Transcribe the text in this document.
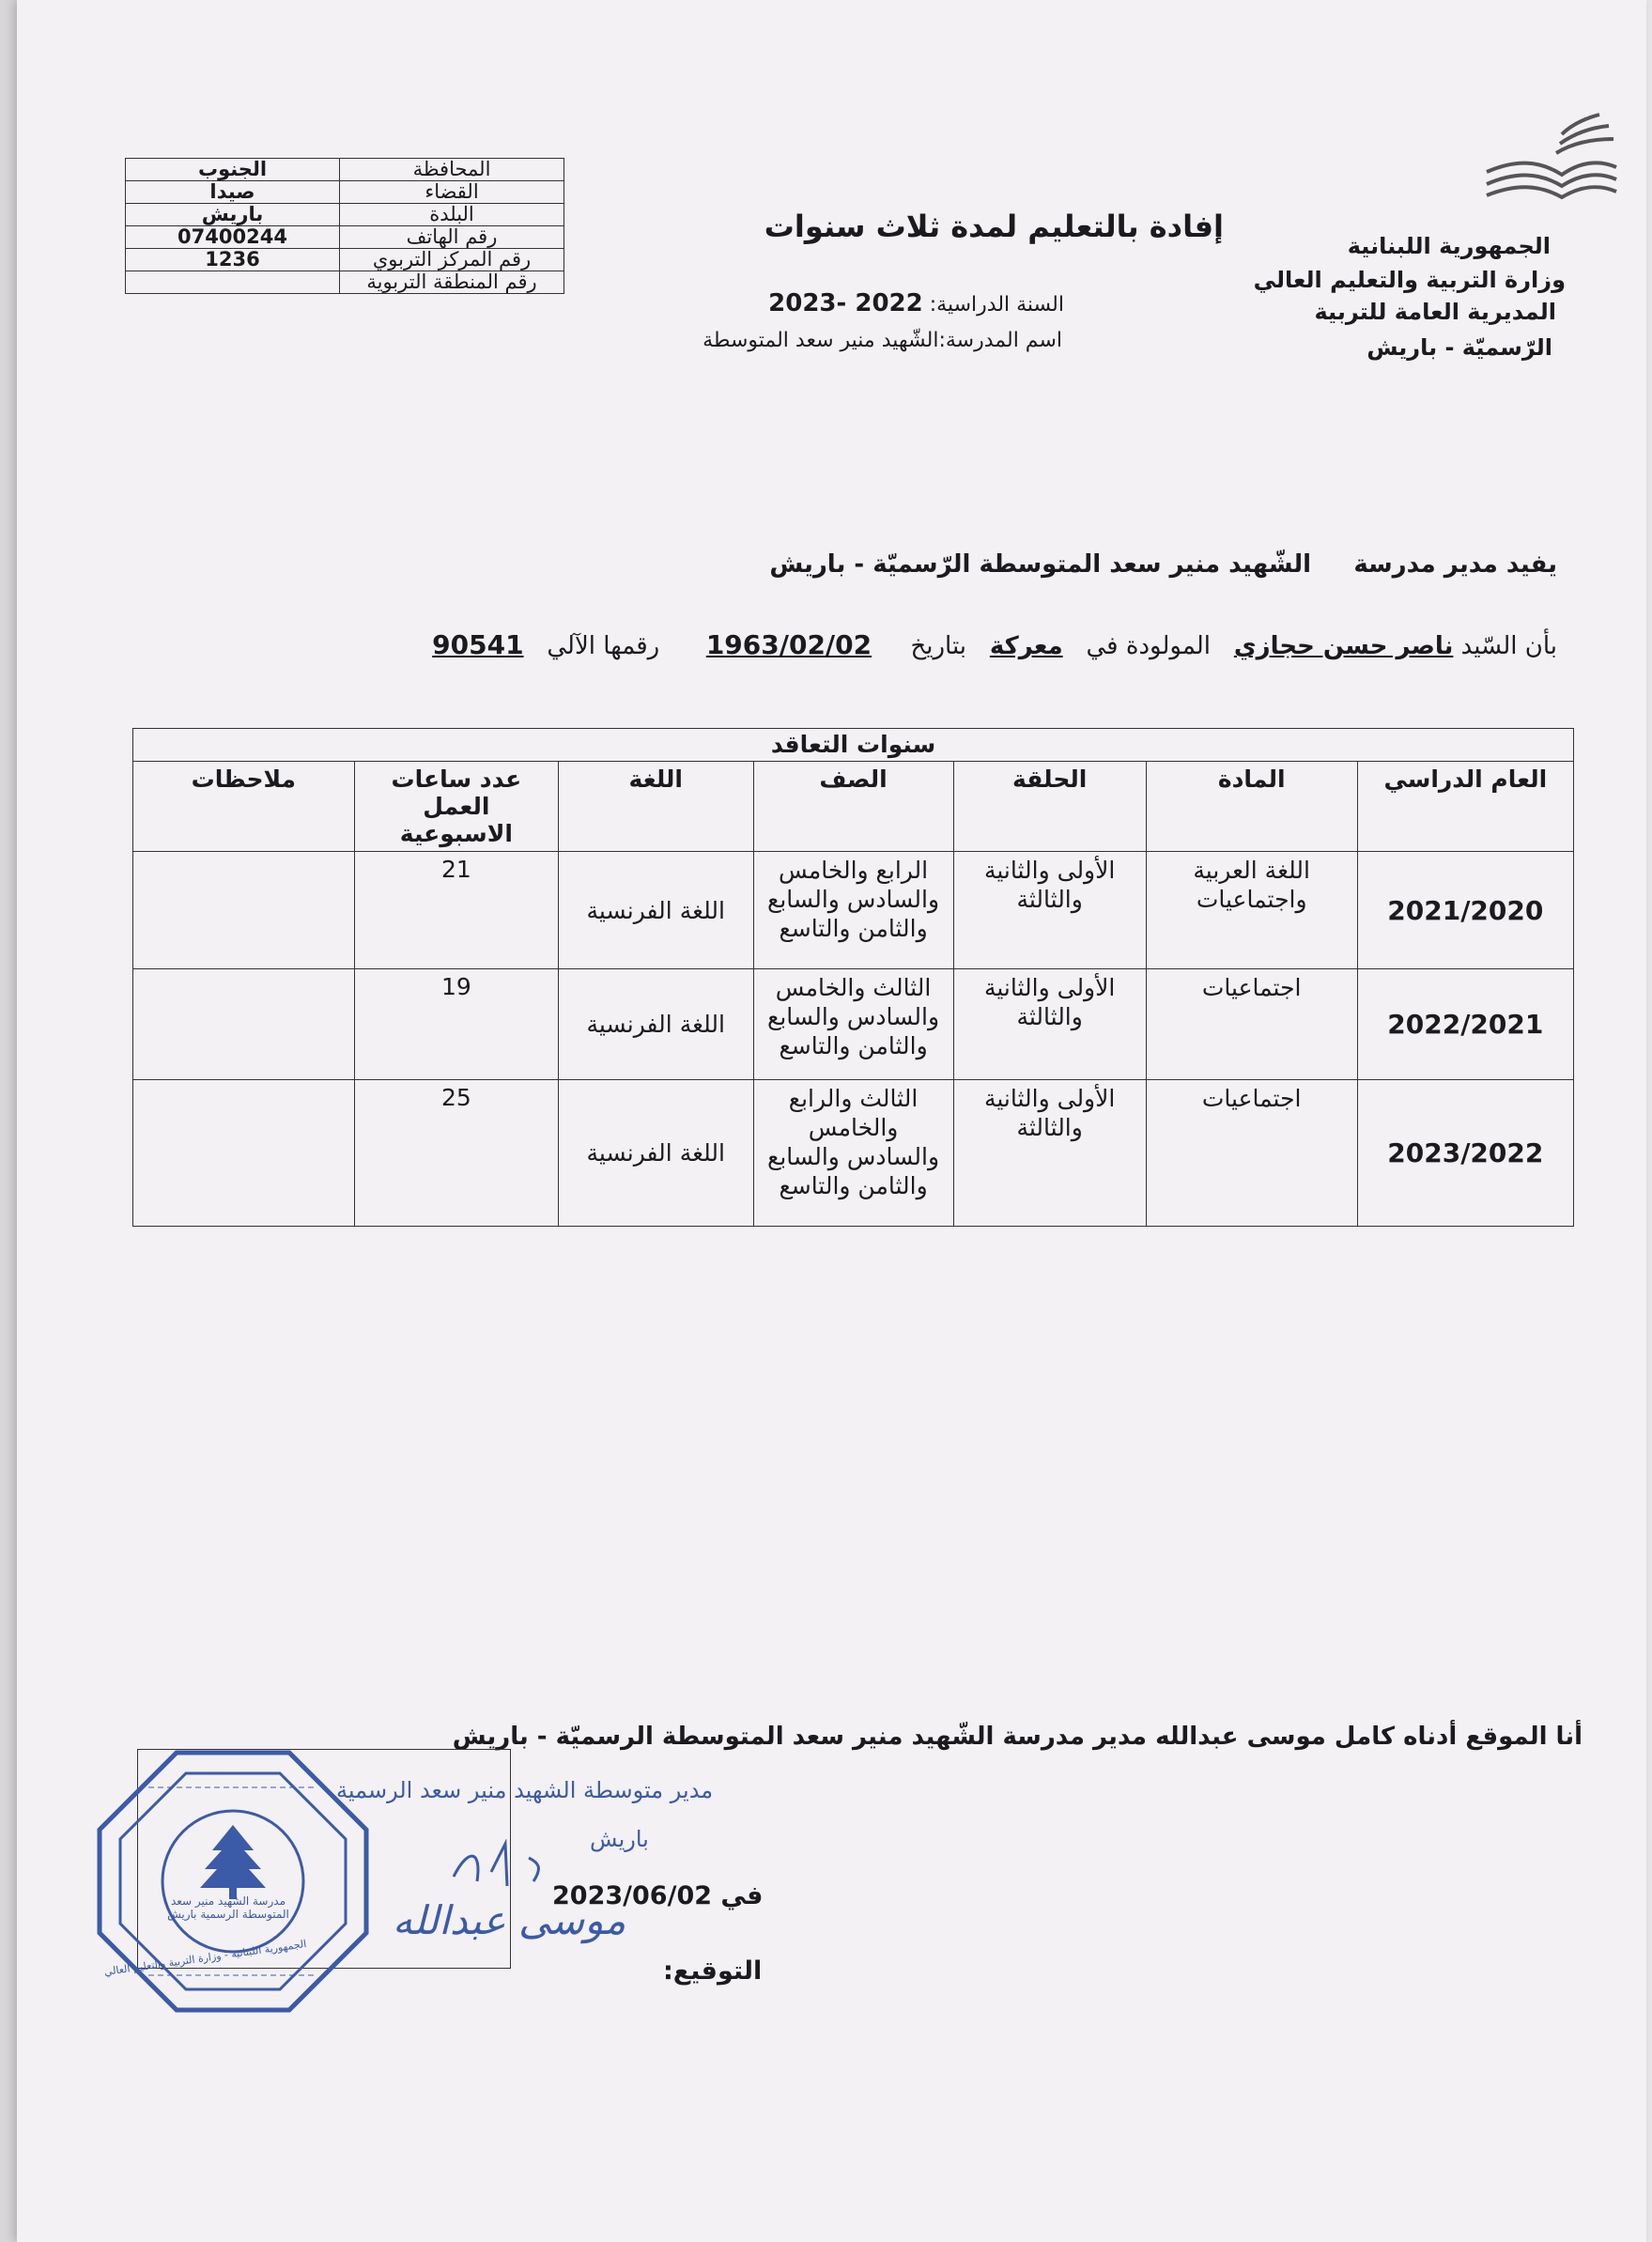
الجمهورية اللبنانية
وزارة التربية والتعليم العالي
المديرية العامة للتربية
الرّسميّة - باريش
إفادة بالتعليم لمدة ثلاث سنوات
السنة الدراسية: 2022 -2023
اسم المدرسة:الشّهيد منير سعد المتوسطة
المحافظة	الجنوب
القضاء	صيدا
البلدة	باريش
رقم الهاتف	07400244
رقم المركز التربوي	1236
رقم المنطقة التربوية	
يفيد مدير مدرسة     الشّهيد منير سعد المتوسطة الرّسميّة - باريش
بأن السّيد ناصر حسن حجازي   المولودة في   معركة   بتاريخ     1963/02/02      رقمها الآلي   90541
سنوات التعاقد						
العام الدراسي	المادة	الحلقة	الصف	اللغة	عدد ساعات العمل الاسبوعية	ملاحظات
2021/2020	اللغة العربية واجتماعيات	الأولى والثانية والثالثة	الرابع والخامس والسادس والسابع والثامن والتاسع	اللغة الفرنسية	21	
2022/2021	اجتماعيات	الأولى والثانية والثالثة	الثالث والخامس والسادس والسابع والثامن والتاسع	اللغة الفرنسية	19	
2023/2022	اجتماعيات	الأولى والثانية والثالثة	الثالث والرابع والخامس والسادس والسابع والثامن والتاسع	اللغة الفرنسية	25	
أنا الموقع أدناه كامل موسى عبدالله مدير مدرسة الشّهيد منير سعد المتوسطة الرسميّة - باريش
في 2023/06/02
التوقيع:
الجمهورية اللبنانية - وزارة التربية والتعليم العالي
مدرسة الشهيد منير سعد المتوسطة الرسمية باريش
مدير متوسطة الشهيد منير سعد الرسمية
باريش
موسى عبدالله
